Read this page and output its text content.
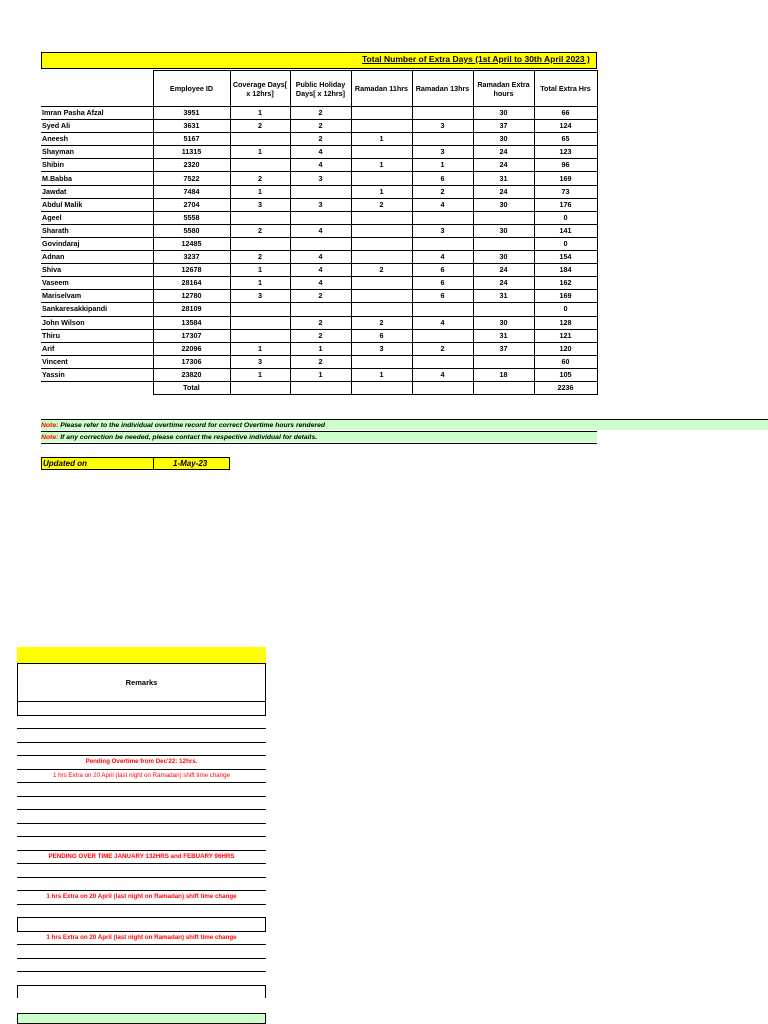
Total Number of Extra Days (1st April to 30th April 2023 )
	Employee ID	Coverage Days[ x 12hrs]	Public Holiday Days[ x 12hrs]	Ramadan 11hrs	Ramadan 13hrs	Ramadan Extra hours	Total Extra Hrs
Imran Pasha Afzal	3951	1	2			30	66
Syed Ali	3631	2	2		3	37	124
Aneesh	5167		2	1		30	65
Shayman	11315	1	4		3	24	123
Shibin	2320		4	1	1	24	96
M.Babba	7522	2	3		6	31	169
Jawdat	7484	1		1	2	24	73
Abdul Malik	2704	3	3	2	4	30	176
Ageel	5558						0
Sharath	5580	2	4		3	30	141
Govindaraj	12485						0
Adnan	3237	2	4		4	30	154
Shiva	12678	1	4	2	6	24	184
Vaseem	28164	1	4		6	24	162
Mariselvam	12780	3	2		6	31	169
Sankaresakkipandi	28109						0
John Wilson	13584		2	2	4	30	128
Thiru	17307		2	6		31	121
Arif	22096	1	1	3	2	37	120
Vincent	17306	3	2				60
Yassin	23820	1	1	1	4	18	105
	Total						2236
Note: Please refer to the individual overtime record for correct Overtime hours rendered
Note: If any correction be needed, please contact the respective individual for details.
Updated on	1-May-23
Remarks
Pending Overtime from Dec'22: 12hrs.
1 hrs Extra on 20 April (last night on Ramadan) shift time change
PENDING OVER TIME JANUARY 132HRS and FEBUARY 96HRS
1 hrs Extra on 20 April (last night on Ramadan) shift time change
1 hrs Extra on 20 April (last night on Ramadan) shift time change
